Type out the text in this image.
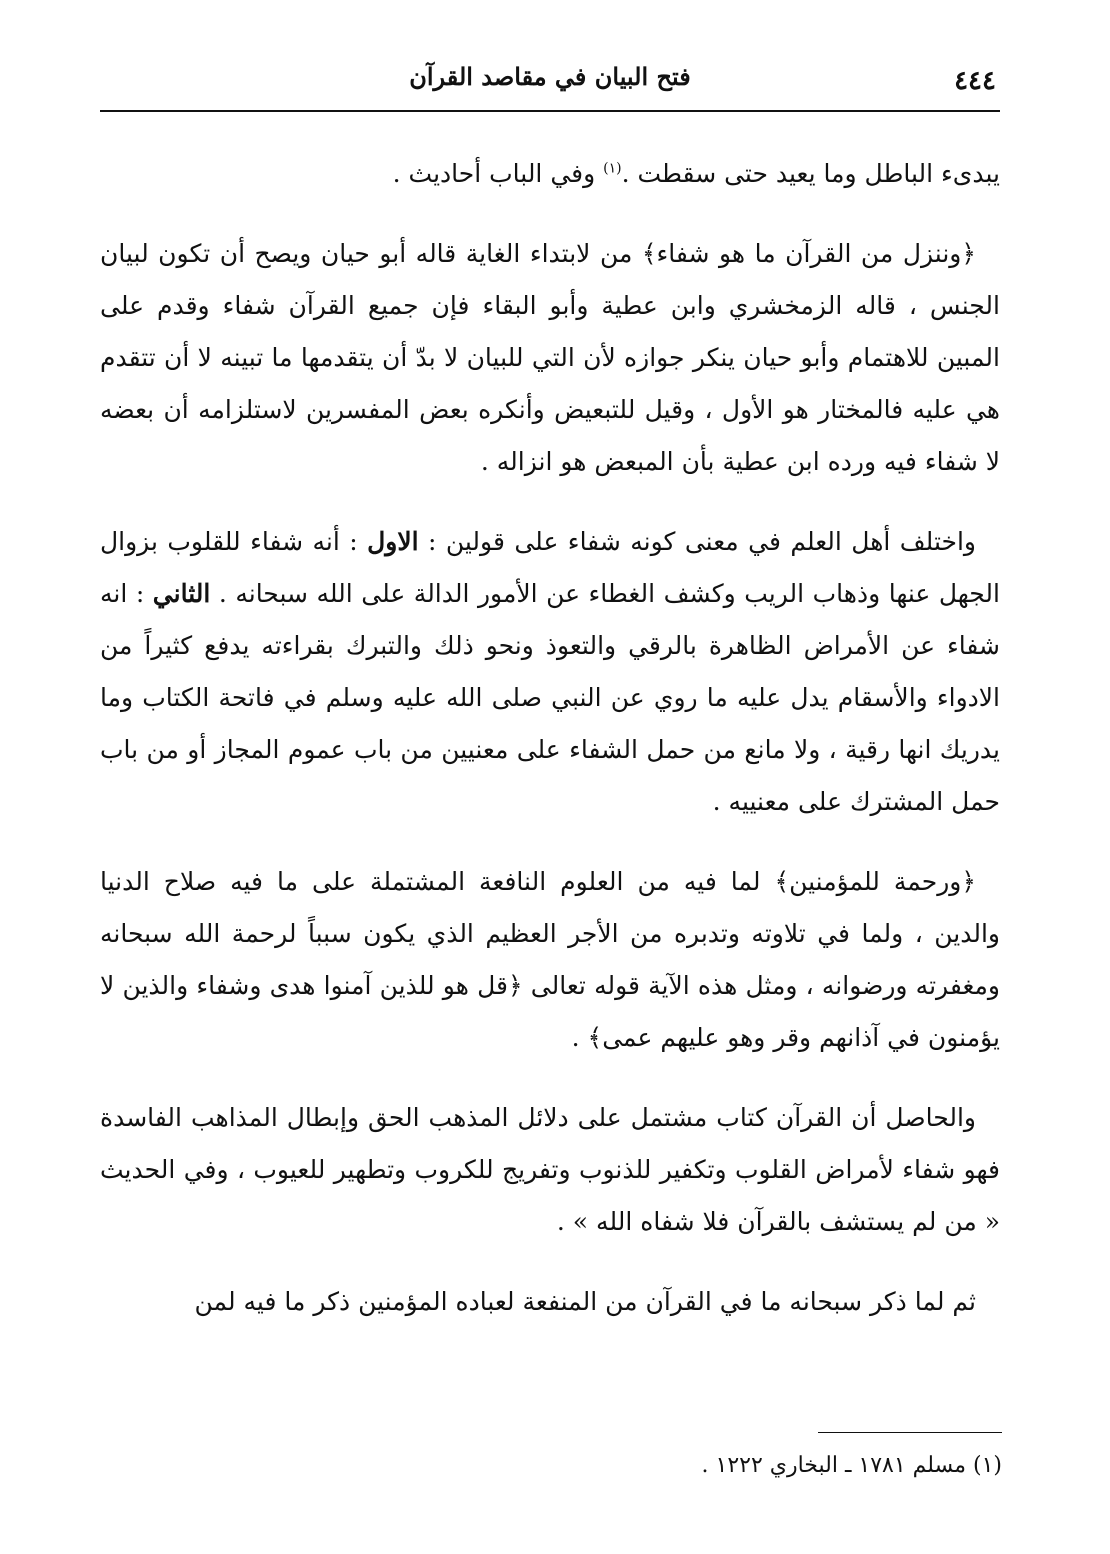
٤٤٤
فتح البيان في مقاصد القرآن

يبدىء الباطل وما يعيد حتى سقطت .$^{(١)}$ وفي الباب أحاديث .

﴿وننزل من القرآن ما هو شفاء﴾ من لابتداء الغاية قاله أبو حيان ويصح أن تكون لبيان الجنس ، قاله الزمخشري وابن عطية وأبو البقاء فإن جميع القرآن شفاء وقدم على المبين للاهتمام وأبو حيان ينكر جوازه لأن التي للبيان لا بدّ أن يتقدمها ما تبينه لا أن تتقدم هي عليه فالمختار هو الأول ، وقيل للتبعيض وأنكره بعض المفسرين لاستلزامه أن بعضه لا شفاء فيه ورده ابن عطية بأن المبعض هو انزاله .

واختلف أهل العلم في معنى كونه شفاء على قولين : الاول : أنه شفاء للقلوب بزوال الجهل عنها وذهاب الريب وكشف الغطاء عن الأمور الدالة على الله سبحانه . الثاني : انه شفاء عن الأمراض الظاهرة بالرقي والتعوذ ونحو ذلك والتبرك بقراءته يدفع كثيراً من الادواء والأسقام يدل عليه ما روي عن النبي صلى الله عليه وسلم في فاتحة الكتاب وما يدريك انها رقية ، ولا مانع من حمل الشفاء على معنيين من باب عموم المجاز أو من باب حمل المشترك على معنييه .

﴿ورحمة للمؤمنين﴾ لما فيه من العلوم النافعة المشتملة على ما فيه صلاح الدنيا والدين ، ولما في تلاوته وتدبره من الأجر العظيم الذي يكون سبباً لرحمة الله سبحانه ومغفرته ورضوانه ، ومثل هذه الآية قوله تعالى ﴿قل هو للذين آمنوا هدى وشفاء والذين لا يؤمنون في آذانهم وقر وهو عليهم عمى﴾ .

والحاصل أن القرآن كتاب مشتمل على دلائل المذهب الحق وإبطال المذاهب الفاسدة فهو شفاء لأمراض القلوب وتكفير للذنوب وتفريج للكروب وتطهير للعيوب ، وفي الحديث « من لم يستشف بالقرآن فلا شفاه الله » .

ثم لما ذكر سبحانه ما في القرآن من المنفعة لعباده المؤمنين ذكر ما فيه لمن

(١) مسلم ١٧٨١ ـ البخاري ١٢٢٢ .
